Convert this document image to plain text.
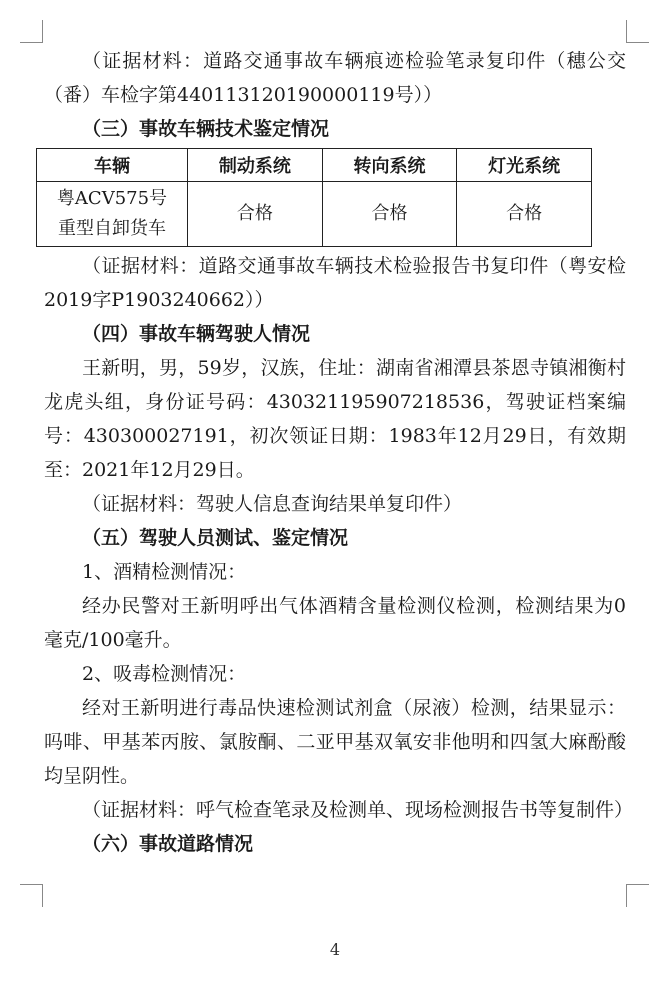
（证据材料：道路交通事故车辆痕迹检验笔录复印件（穗公交（番）车检字第440113120190000119号））

（三）事故车辆技术鉴定情况

车辆	制动系统	转向系统	灯光系统

粤ACV575号
重型自卸货车	合格	合格	合格

（证据材料：道路交通事故车辆技术检验报告书复印件（粤安检2019字P1903240662））

（四）事故车辆驾驶人情况

王新明，男，59岁，汉族，住址：湖南省湘潭县茶恩寺镇湘衡村龙虎头组，身份证号码：430321195907218536，驾驶证档案编号：430300027191，初次领证日期：1983年12月29日，有效期至：2021年12月29日。

（证据材料：驾驶人信息查询结果单复印件）

（五）驾驶人员测试、鉴定情况

1、酒精检测情况：

经办民警对王新明呼出气体酒精含量检测仪检测，检测结果为0毫克/100毫升。

2、吸毒检测情况：

经对王新明进行毒品快速检测试剂盒（尿液）检测，结果显示：吗啡、甲基苯丙胺、氯胺酮、二亚甲基双氧安非他明和四氢大麻酚酸均呈阴性。

（证据材料：呼气检查笔录及检测单、现场检测报告书等复制件）

（六）事故道路情况

4
